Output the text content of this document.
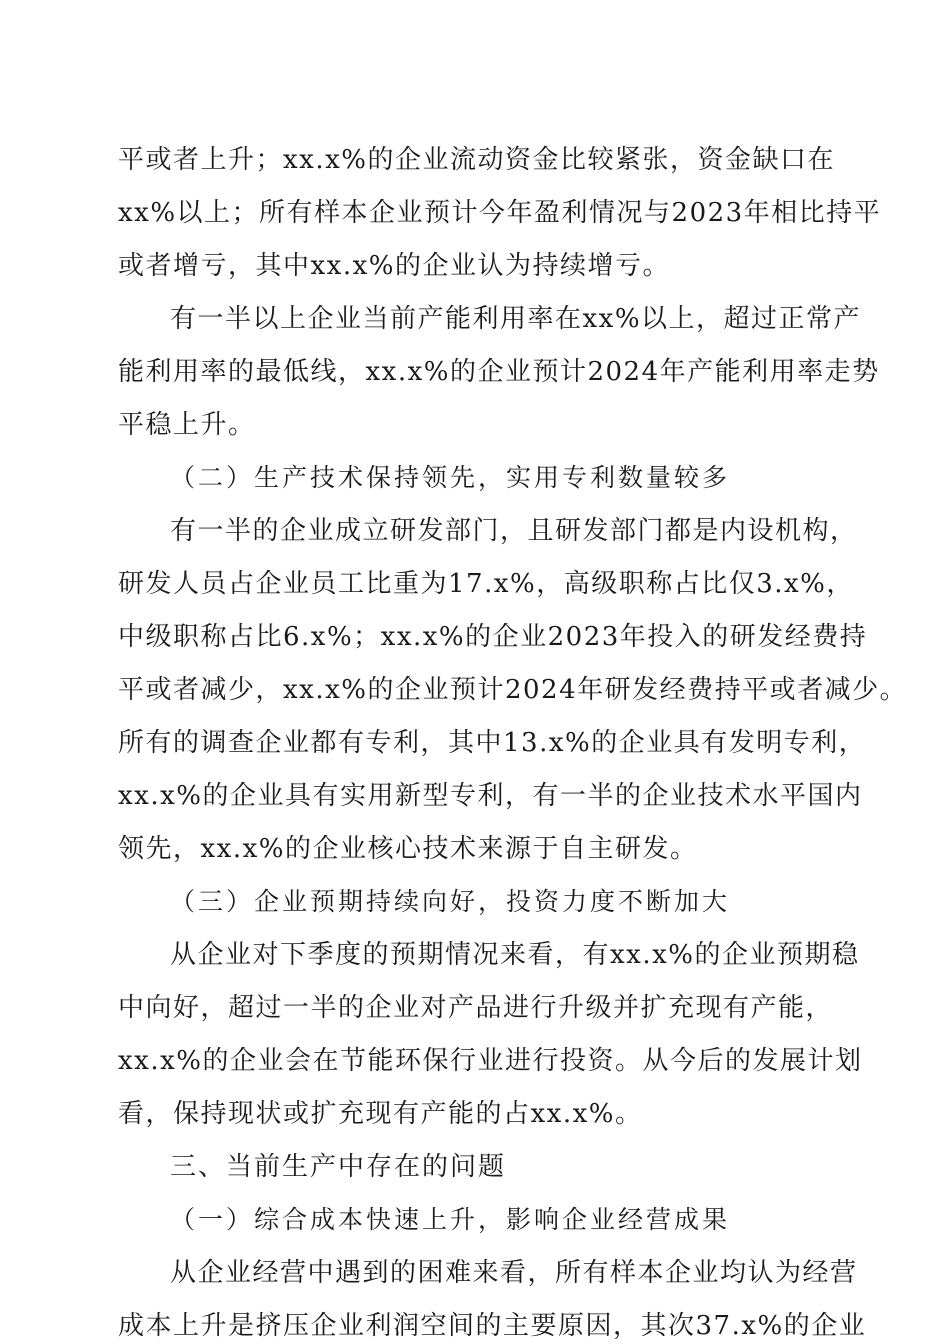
平或者上升；xx.x%的企业流动资金比较紧张，资金缺口在
xx%以上；所有样本企业预计今年盈利情况与2023年相比持平
或者增亏，其中xx.x%的企业认为持续增亏。
有一半以上企业当前产能利用率在xx%以上，超过正常产
能利用率的最低线，xx.x%的企业预计2024年产能利用率走势
平稳上升。
（二）生产技术保持领先，实用专利数量较多
有一半的企业成立研发部门，且研发部门都是内设机构，
研发人员占企业员工比重为17.x%，高级职称占比仅3.x%，
中级职称占比6.x%；xx.x%的企业2023年投入的研发经费持
平或者减少，xx.x%的企业预计2024年研发经费持平或者减少。
所有的调查企业都有专利，其中13.x%的企业具有发明专利，
xx.x%的企业具有实用新型专利，有一半的企业技术水平国内
领先，xx.x%的企业核心技术来源于自主研发。
（三）企业预期持续向好，投资力度不断加大
从企业对下季度的预期情况来看，有xx.x%的企业预期稳
中向好，超过一半的企业对产品进行升级并扩充现有产能，
xx.x%的企业会在节能环保行业进行投资。从今后的发展计划
看，保持现状或扩充现有产能的占xx.x%。
三、当前生产中存在的问题
（一）综合成本快速上升，影响企业经营成果
从企业经营中遇到的困难来看，所有样本企业均认为经营
成本上升是挤压企业利润空间的主要原因，其次37.x%的企业
